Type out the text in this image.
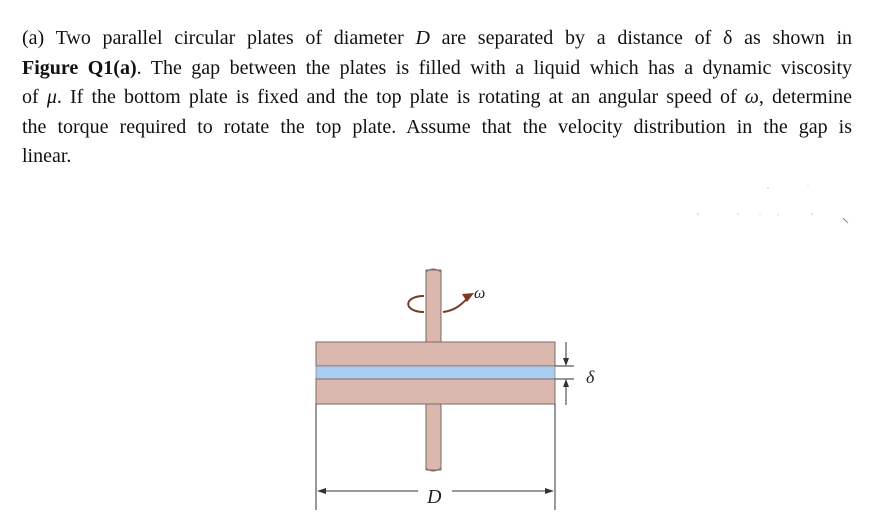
(a) Two parallel circular plates of diameter D are separated by a distance of δ as shown in
Figure Q1(a). The gap between the plates is filled with a liquid which has a dynamic viscosity
of μ. If the bottom plate is fixed and the top plate is rotating at an angular speed of ω, determine
the torque required to rotate the top plate. Assume that the velocity distribution in the gap is
linear.
ω
δ
D
